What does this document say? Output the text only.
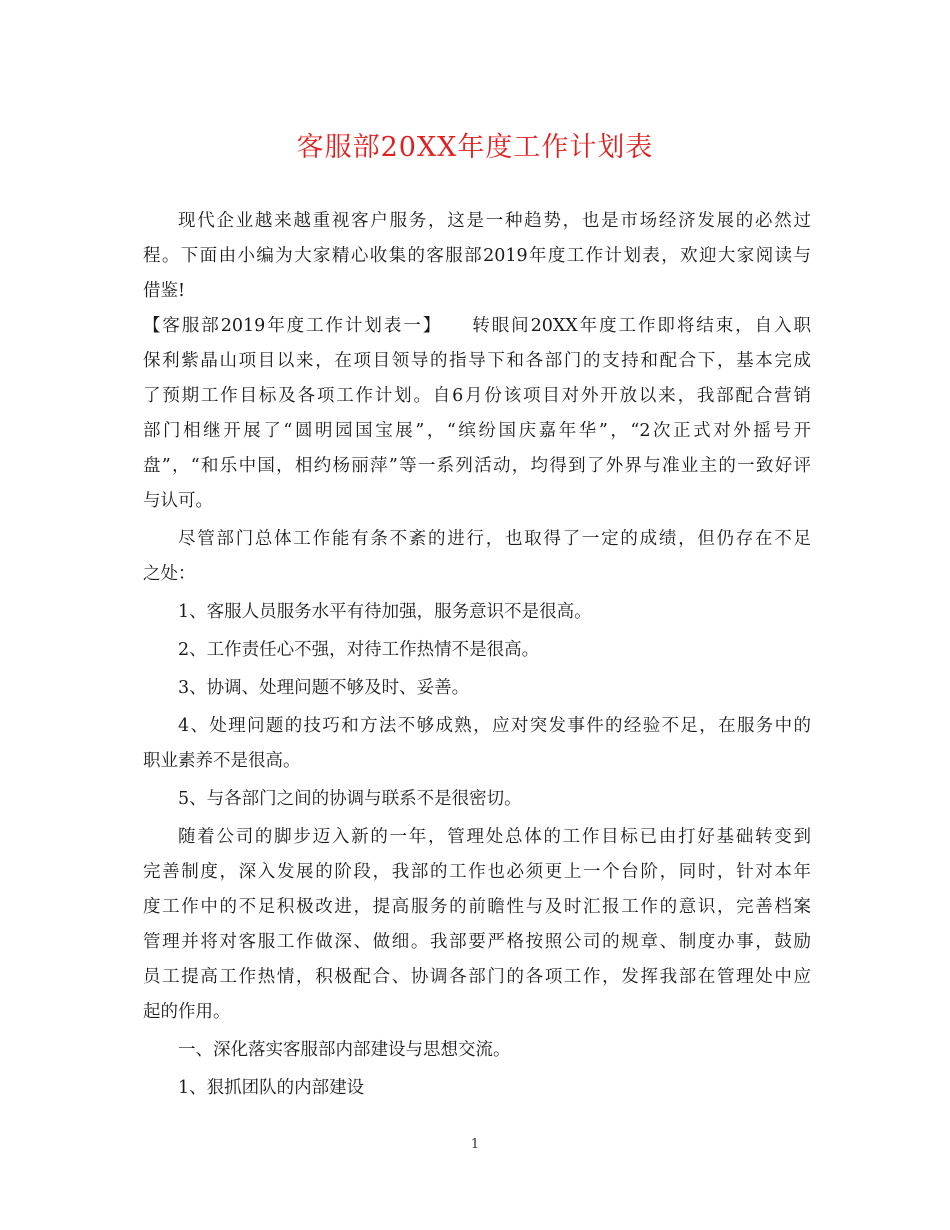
客服部20XX年度工作计划表
现代企业越来越重视客户服务，这是一种趋势，也是市场经济发展的必然过
程。下面由小编为大家精心收集的客服部2019年度工作计划表，欢迎大家阅读与
借鉴!
【客服部2019年度工作计划表一】　　转眼间20XX年度工作即将结束，自入职
保利紫晶山项目以来，在项目领导的指导下和各部门的支持和配合下，基本完成
了预期工作目标及各项工作计划。自6月份该项目对外开放以来，我部配合营销
部门相继开展了“圆明园国宝展”，“缤纷国庆嘉年华”，“2次正式对外摇号开
盘”，“和乐中国，相约杨丽萍”等一系列活动，均得到了外界与准业主的一致好评
与认可。
尽管部门总体工作能有条不紊的进行，也取得了一定的成绩，但仍存在不足
之处：
1、客服人员服务水平有待加强，服务意识不是很高。
2、工作责任心不强，对待工作热情不是很高。
3、协调、处理问题不够及时、妥善。
4、处理问题的技巧和方法不够成熟，应对突发事件的经验不足，在服务中的
职业素养不是很高。
5、与各部门之间的协调与联系不是很密切。
随着公司的脚步迈入新的一年，管理处总体的工作目标已由打好基础转变到
完善制度，深入发展的阶段，我部的工作也必须更上一个台阶，同时，针对本年
度工作中的不足积极改进，提高服务的前瞻性与及时汇报工作的意识，完善档案
管理并将对客服工作做深、做细。我部要严格按照公司的规章、制度办事，鼓励
员工提高工作热情，积极配合、协调各部门的各项工作，发挥我部在管理处中应
起的作用。
一、深化落实客服部内部建设与思想交流。
1、狠抓团队的内部建设
1
